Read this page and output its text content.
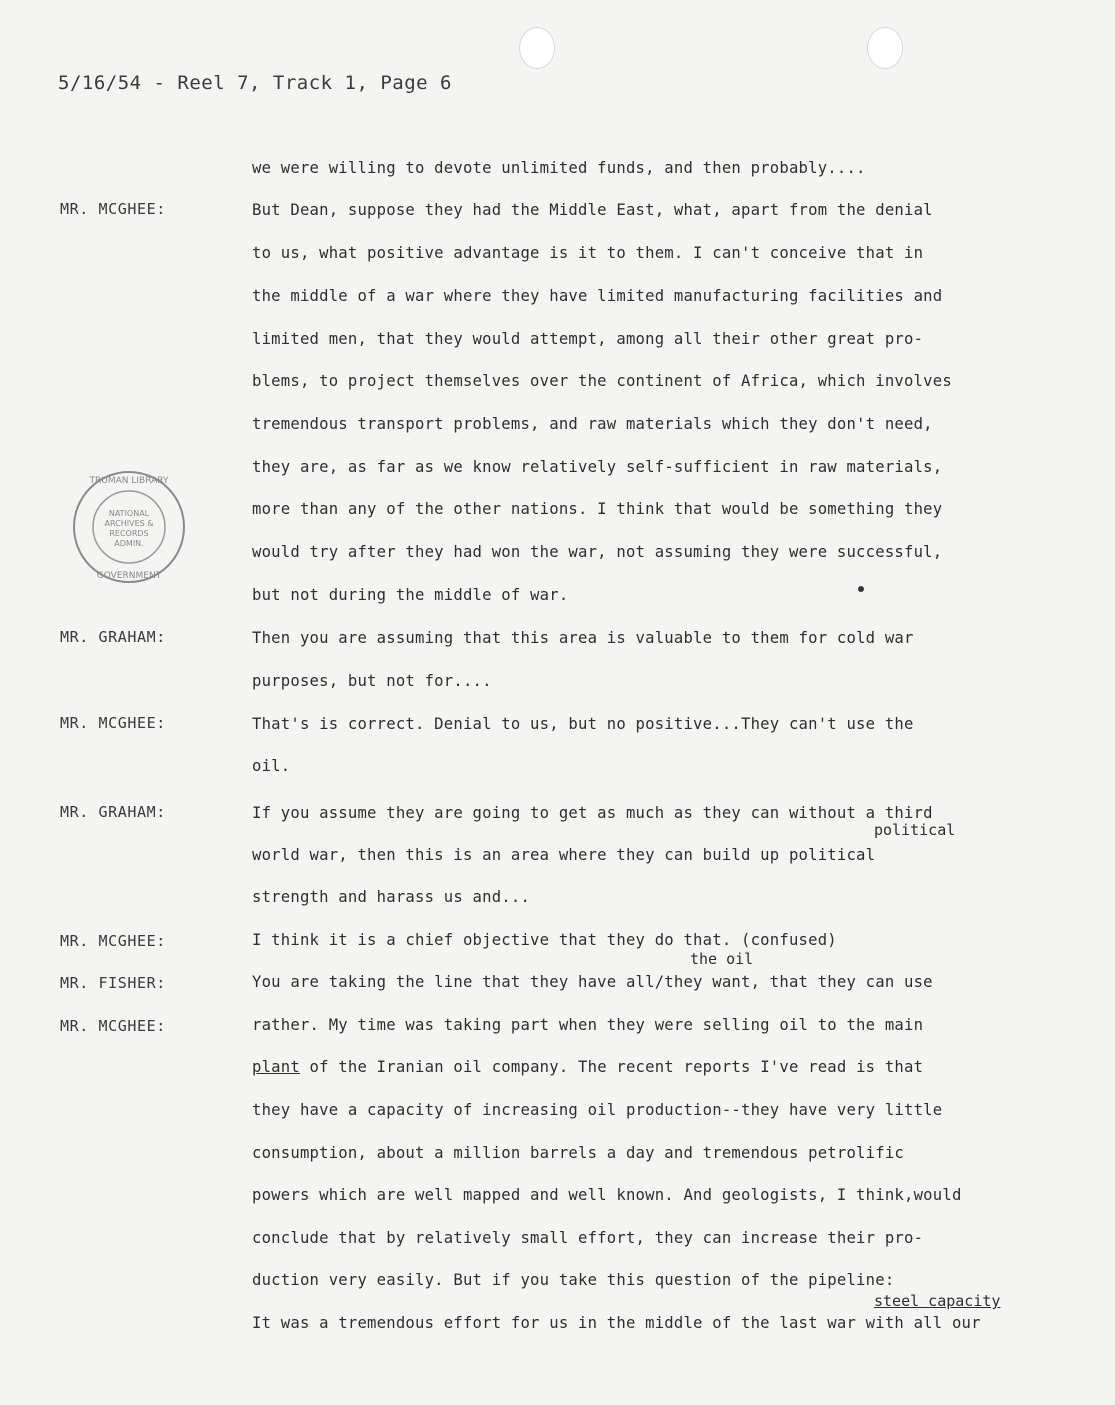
5/16/54 - Reel 7, Track 1, Page 6
NATIONAL
ARCHIVES &
RECORDS
ADMIN.
TRUMAN LIBRARY
GOVERNMENT
MR. MCGHEE:
MR. GRAHAM:
MR. MCGHEE:
MR. GRAHAM:
MR. MCGHEE:
MR. FISHER:
MR. MCGHEE:
we were willing to devote unlimited funds, and then probably....
But Dean, suppose they had the Middle East, what, apart from the denial
to us, what positive advantage is it to them. I can't conceive that in
the middle of a war where they have limited manufacturing facilities and
limited men, that they would attempt, among all their other great pro-
blems, to project themselves over the continent of Africa, which involves
tremendous transport problems, and raw materials which they don't need,
they are, as far as we know relatively self-sufficient in raw materials,
more than any of the other nations. I think that would be something they
would try after they had won the war, not assuming they were successful,
but not during the middle of war.
Then you are assuming that this area is valuable to them for cold war
purposes, but not for....
That's is correct. Denial to us, but no positive...They can't use the
oil.
If you assume they are going to get as much as they can without a third
political
world war, then this is an area where they can build up political
strength and harass us and...
I think it is a chief objective that they do that. (confused)
the oil
You are taking the line that they have all/they want, that they can use
rather. My time was taking part when they were selling oil to the main
plant of the Iranian oil company. The recent reports I've read is that
they have a capacity of increasing oil production--they have very little
consumption, about a million barrels a day and tremendous petrolific
powers which are well mapped and well known. And geologists, I think,would
conclude that by relatively small effort, they can increase their pro-
duction very easily. But if you take this question of the pipeline:
steel capacity
It was a tremendous effort for us in the middle of the last war with all our
